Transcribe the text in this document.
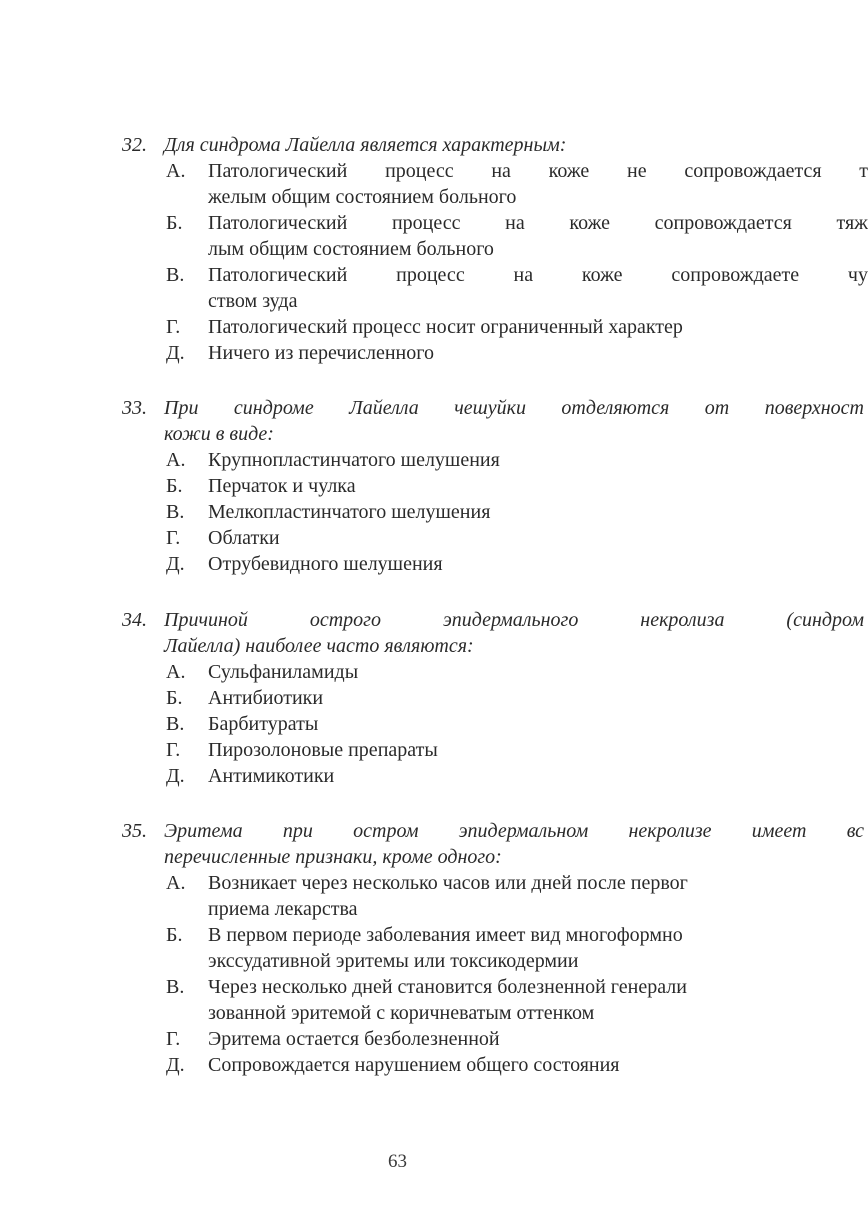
32. Для синдрома Лайелла является характерным:
А.	Патологический процесс на коже не сопровождается т
желым общим состоянием больного
Б.	Патологический процесс на коже сопровождается тяж
лым общим состоянием больного
В.	Патологический процесс на коже сопровождаете чу
ством зуда
Г.	Патологический процесс носит ограниченный характер
Д.	Ничего из перечисленного
33. При синдроме Лайелла чешуйки отделяются от поверхност
кожи в виде:
А.	Крупнопластинчатого шелушения
Б.	Перчаток и чулка
В.	Мелкопластинчатого шелушения
Г.	Облатки
Д.	Отрубевидного шелушения
34. Причиной острого эпидермального некролиза (синдром
Лайелла) наиболее часто являются:
А.	Сульфаниламиды
Б.	Антибиотики
В.	Барбитураты
Г.	Пирозолоновые препараты
Д.	Антимикотики
35. Эритема при остром эпидермальном некролизе имеет вс
перечисленные признаки, кроме одного:
А.	Возникает через несколько часов или дней после первог
приема лекарства
Б.	В первом периоде заболевания имеет вид многоформно
экссудативной эритемы или токсикодермии
В.	Через несколько дней становится болезненной генерали
зованной эритемой с коричневатым оттенком
Г.	Эритема остается безболезненной
Д.	Сопровождается нарушением общего состояния
63
